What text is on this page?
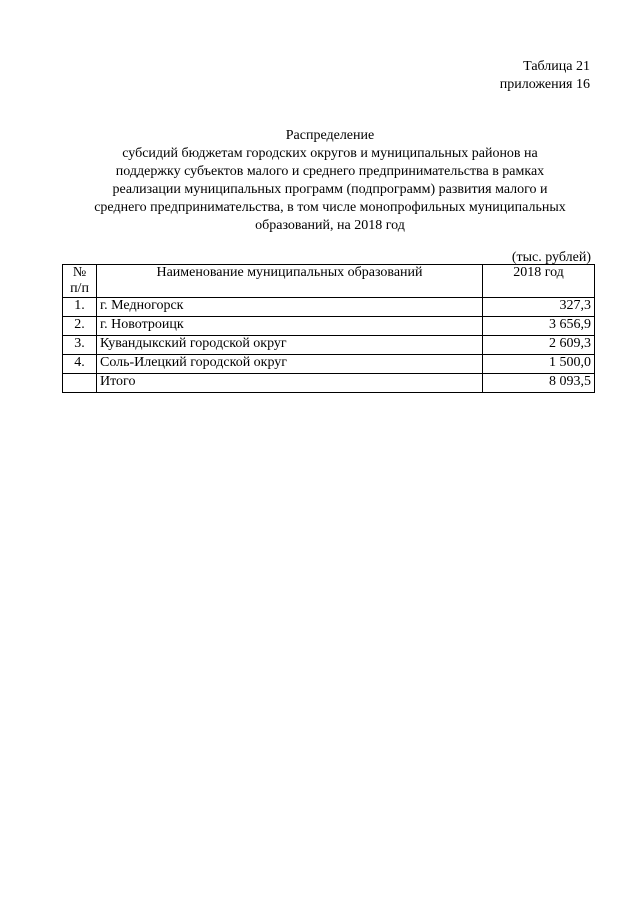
Таблица 21
приложения 16
Распределение
субсидий бюджетам городских округов и муниципальных районов на
поддержку субъектов малого и среднего предпринимательства в рамках
реализации муниципальных программ (подпрограмм) развития малого и
среднего предпринимательства, в том числе монопрофильных муниципальных
образований, на 2018 год
(тыс. рублей)
№
п/п	Наименование муниципальных образований	2018 год
1.	г. Медногорск	327,3
2.	г. Новотроицк	3 656,9
3.	Кувандыкский городской округ	2 609,3
4.	Соль-Илецкий городской округ	1 500,0
	Итого	8 093,5
